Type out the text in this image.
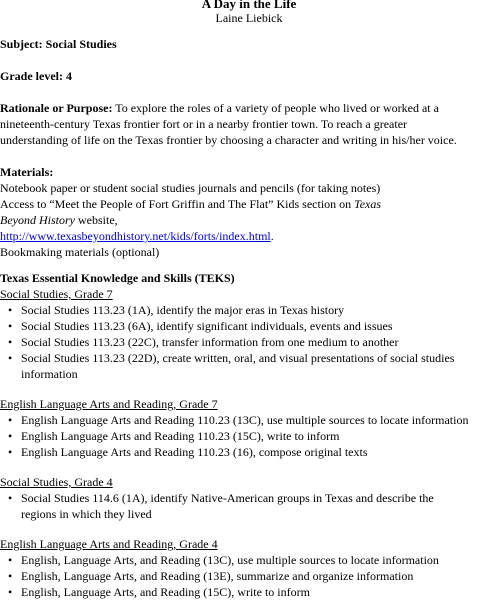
A Day in the Life
Laine Liebick
Subject: Social Studies
Grade level: 4
Rationale or Purpose: To explore the roles of a variety of people who lived or worked at a
nineteenth-century Texas frontier fort or in a nearby frontier town. To reach a greater
understanding of life on the Texas frontier by choosing a character and writing in his/her voice.
Materials:
Notebook paper or student social studies journals and pencils (for taking notes)
Access to “Meet the People of Fort Griffin and The Flat” Kids section on Texas
Beyond History website,
http://www.texasbeyondhistory.net/kids/forts/index.html.
Bookmaking materials (optional)
Texas Essential Knowledge and Skills (TEKS)
Social Studies, Grade 7
• Social Studies 113.23 (1A), identify the major eras in Texas history
• Social Studies 113.23 (6A), identify significant individuals, events and issues
• Social Studies 113.23 (22C), transfer information from one medium to another
• Social Studies 113.23 (22D), create written, oral, and visual presentations of social studies
information
English Language Arts and Reading, Grade 7
• English Language Arts and Reading 110.23 (13C), use multiple sources to locate information
• English Language Arts and Reading 110.23 (15C), write to inform
• English Language Arts and Reading 110.23 (16), compose original texts
Social Studies, Grade 4
• Social Studies 114.6 (1A), identify Native-American groups in Texas and describe the
regions in which they lived
English Language Arts and Reading, Grade 4
• English, Language Arts, and Reading (13C), use multiple sources to locate information
• English, Language Arts, and Reading (13E), summarize and organize information
• English, Language Arts, and Reading (15C), write to inform
